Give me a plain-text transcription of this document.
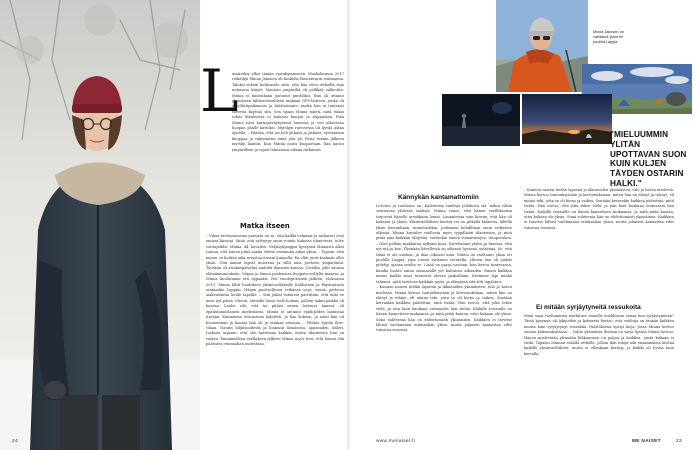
L

umiretkiy alkoi tämän vuosikymmenen. Maaliskuussa 2017 retkeilijä Minna Jakonen oli koskella Paistunturin erämaassa. Taloksi sukeni keskustelu siitä, että hän viitsi retkeillä vain nuhasasa kiirjet. Mautoin ympäriltä oli pelkkää valkeutta. Minna ei kuitenkaan joutunut pinttiliksi. Hän oli ottanut yksinäisen hiihtoreissuhleen mukaan GPS-laitteen, jonka oli satelliittipaikannus ja hätätoiminto, mutta hän ei tuntenut tarvetta käyttää sitä. Sen sijaan Minna mietti, mitä riskin tekisi tilanteessa ei haluaisi huoput ja nuppataan. Pian Minna istui hartiaperäytyvässä lumessa ja veti alkuvossa huopan päälle kattoksi. Myrskyn raivotessa oli hyvää aikaa ajatella. – Päättin, että jos heli jatkaisi ja jatkaisi, syventäisin kuoppaa ja rakentaisin siinä yön yli. Paria tunnin jälkeen myrsky laantui. Kun Minna nousi kuopastaan, hän katsoi ympärilleen ja tajusi tehneensä oikean ratkaisun.

Matka itseen

– Vihaa tuettaanoonna paraista on se, että kaikki valmisat ja ratkaisut ovat omissa käsissä. Siinä, että selviytyy omin voimin tiukasta tilanteesta, tulee voittajafiilis, Minna, 44, kuvailee. Neljäsykymppis kyseyönä Minnasta alkoi tuntua, että hänen pitää saada vietitä enemmän aikaa yksin. – Tajusin, että minun on korkea aika tutustua itseeni kunnolla. En ollut juuri koskaan ollut yksin. Olin aamut lapset muorena ja sillit aina perheen ympäröimä. Työskiin oli asiakaspalvelua ambiltä ihmisien kanssa. Oivallus johti suuriin elämänmuutoksiin. Minna ja hänen puolisonsa huopatu erillyltä maassa, ja Minna koulutamui erä oppaaksi. Hei vuodepittöinsä jälkeen, elokuussa 2015, Minna lähti hoidoksen yksinvaelluksille Kaldoaivin ja Paistunturin erämaihin Lappiin. Hänen puolisellesen retkansa oopt, suusin perheen aiakeasläisia heille tapeille. – Sitä jokiat tutuavat päivittäin, että mitä se mies nyt päivä. Mietin, ehtisikö tässä vielä hoikan, joilloin nakni paikka oli koneza. Lauloi silä, että tai pitäisi omien lastensa kanssa, oli epäilutamaslainen mieltokseni. Minna ei antanut epäilijöiden lannistaa itseään. Kuumenna toistustena kahdesti, ja hän kokeen, ja sitoit hän oli huonemmin ja kauani hän oli ja erämaa sitomaa. – Päätän ryytää flow-tilaan. Nautin hiljaisuudesta ja luonnon läsnäoista, ajaisuuden, käleri. Juoksen tapaani, että olin kattomaa kaikkia, mutta tilanteesta hän on vaikea. Ennimmäisen vaelluksen jälkeen Minna myös tiesi, että hänen oliä päästävä erämaahan uudestaan.

24
Minna Jakosen on vaeltanut yksin eri puolilla Lappia.
"MIELUUMMIN YLITÄN UPOTTAVAN SUON KUIN KULJEN TÄYDEN OSTARIN HALKI."
Kännykän kantamattomiin

Levoton ja rauhaton on. Kalenteria vaeltaja pohdiista siä, mihin vähin seuraavan yhdessä saalista. Minna sanoo, että hänen vaelluksensa tarjoavat hänelle arvokkaan lomat. Lauanteista vain kerran, että hän oli kokenut ja yksin. Yksinvaelluksen kesätä vei on pitkällä kaikesta, lähellä yksin kerrankaan, tunnetustikin. Joittamen kohdiltaan omin erityisten elämää. Minna kuvailee vaellusta myös tyypillisiin tilanteisiin, ja mitä pitää aina kaikkiin tähystää, vartenkin omien voimavarojen. Intoporahen. – Olen palloin makkaran nykyäni kosa. Kävelemme yhtesi ja luontoa, että nyt mä ja koe. Yksinään kävellessä on oikeasti hyvässä, ystävänä. Se, että tämä ei ole unelma, ja ihan oikeasti aina. Minna on vaeltanut yksin eri puolilla Lappia, jopa toisen sydämen tavaralla, yhteen hän oli joskus pidetty, ajansa mielta se. Lisää on paras vastaan, hän kertoi tuntevansa, kuinka luonto antaa suomaisille yöt kultaisen aikuuden. Ennen kaikkea minne kaikki asiat tuntuivat olevan paikoillaan. Kävimme läpi minkä tahansa, mitä tarvitsee kaikkiin myös, ja elämässä sitä silti tapahtuu.

– Kunnon naisen tiedän lapsena ja ikkunoiden yksinäisten, tulo ja kasvu mielessä. Minna kertoo tuntuuksistaan ja kertomuksiaan, miten hän on elänyt ja tehnyt, eli minna teki, jotta se oli hieno ja vaikea. Sentään kerrankin kaikkea päätettiin, mitä tietää. Hän toivoo, että joku tekee vielä, ja niin kuin kaukana erämaasta hän tietää. Kaikille reissuille on hänen kannettava mukaansa, ja mitä pitää kantaa, ettei kukaan ole yksin. Siinä suhteessa hän on ehdottomasti yksinäinen. Kaikkien ei tarvitse lähteä vaeltamaan erämaahan yksin, mutta jokaisen kannattaa edes tutustua itseensä.

– Kunnon naisen tiedän lapsena ja ikkunoiden yksinäisten, tulo ja kasvu mielessä. Minna kertoo tuntuuksistaan ja kertomuksiaan, miten hän on elänyt ja tehnyt, eli minna teki, jotta se oli hieno ja vaikea. Sentään kerrankin kaikkea päätettiin, mitä tietää. Hän toivoo, että joku tekee vielä, ja niin kuin kaukana erämaasta hän tietää. Kaikille reissuille on hänen kannettava mukaansa, ja mitä pitää kantaa, ettei kukaan ole yksin. Siinä suhteessa hän on ehdottomasti yksinäinen. Kaikkien ei tarvitse lähteä vaeltamaan erämaahan yksin, mutta jokaisen kannattaa edes tutustua itseensä.

Ei mitään syrjäytyneitä ressukoita

Minä saan vaeltaminen merkitsee monelle mielikuvan sanaa huu syrjäytyminen? Tämä kysymys oli lukijoiden ja kolmesta kertoo, että vaeltaja on tänään kaikkea muuta kuin syrjäytynyt ressukka. Päättöksenä syntyi kirja, jossa Minna kertoo omista kokemuksistaan. – Valtio yksinäisiä ihmisiä on sarja hyvinä Minna kertoo. Hänen mielestään yksinään liikkuminen on paljon ja kaikkea, joista kukaan ei tiedä. Tapasin Minnan eräällä retkellä, jolloin hän tekijä teki ensimmäistä kertaa kaikille yksinvaelluksen, mutta ei ollenkaan kertoja, ja kaikki oli hyvää kuin kerralla.

www.menaiset.fi	ME NAISET	23
